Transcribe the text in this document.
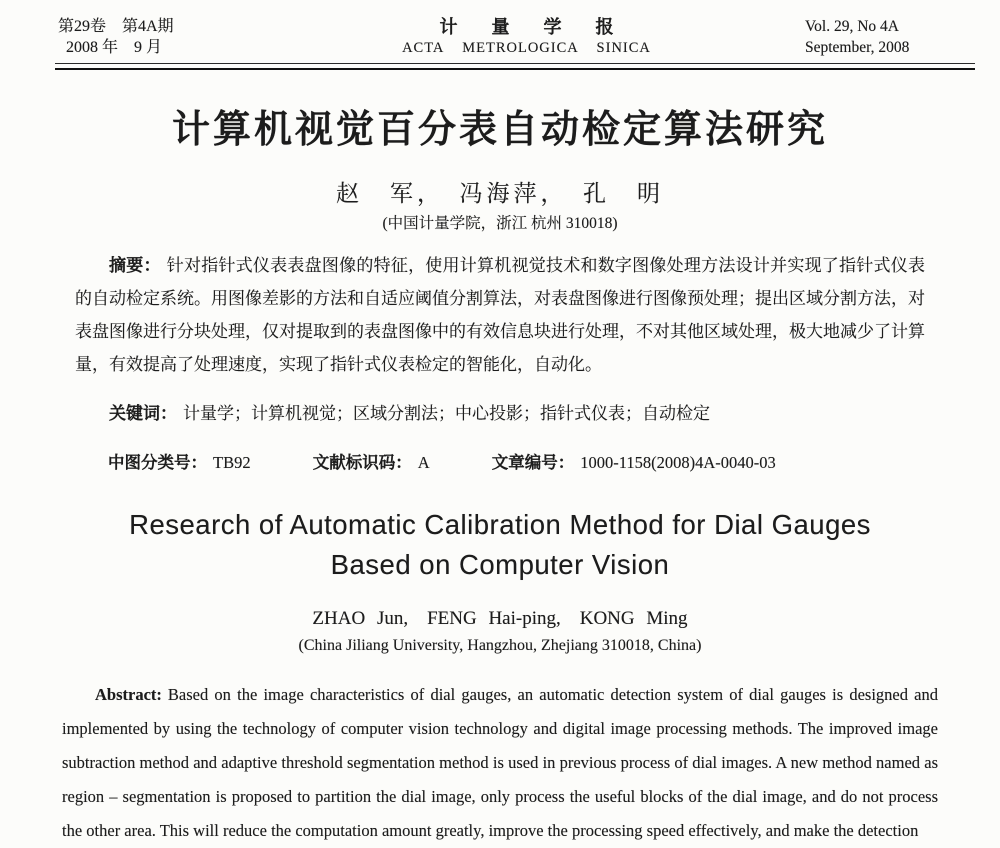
第29卷　第4A期
2008 年　9 月
计量学报
ACTA METROLOGICA SINICA
Vol. 29, No 4A
September, 2008
计算机视觉百分表自动检定算法研究
赵　军，　冯海萍，　孔　明
(中国计量学院，浙江 杭州 310018)

摘要： 针对指针式仪表表盘图像的特征，使用计算机视觉技术和数字图像处理方法设计并实现了指针式仪表的自动检定系统。用图像差影的方法和自适应阈值分割算法，对表盘图像进行图像预处理；提出区域分割方法，对表盘图像进行分块处理，仅对提取到的表盘图像中的有效信息块进行处理，不对其他区域处理，极大地减少了计算量，有效提高了处理速度，实现了指针式仪表检定的智能化，自动化。

关键词： 计量学；计算机视觉；区域分割法；中心投影；指针式仪表；自动检定

中图分类号： TB92	文献标识码： A	文章编号： 1000-1158(2008)4A-0040-03

Research of Automatic Calibration Method for Dial Gauges
Based on Computer Vision
ZHAO Jun,　FENG Hai-ping,　KONG Ming
(China Jiliang University, Hangzhou, Zhejiang 310018, China)

Abstract: Based on the image characteristics of dial gauges, an automatic detection system of dial gauges is designed and implemented by using the technology of computer vision technology and digital image processing methods. The improved image subtraction method and adaptive threshold segmentation method is used in previous process of dial images. A new method named as region – segmentation is proposed to partition the dial image, only process the useful blocks of the dial image, and do not process the other area. This will reduce the computation amount greatly, improve the processing speed effectively, and make the detection
